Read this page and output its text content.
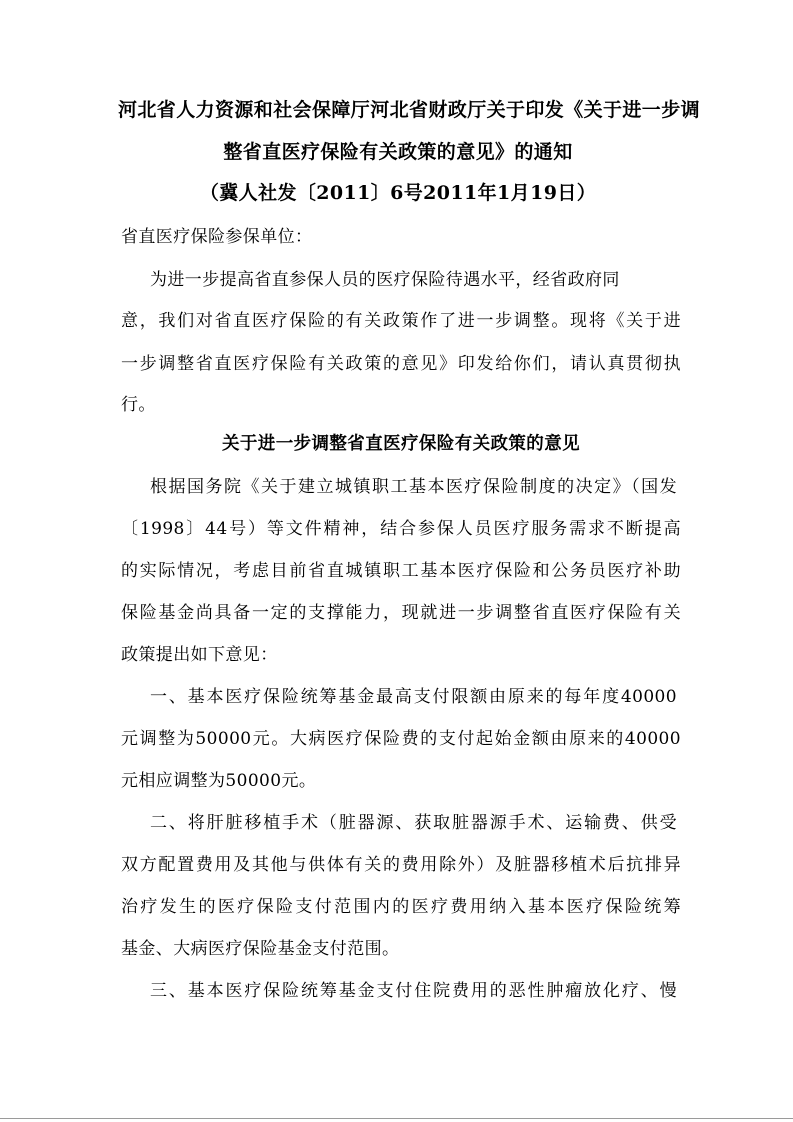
河北省人力资源和社会保障厅河北省财政厅关于印发《关于进一步调
整省直医疗保险有关政策的意见》的通知
（冀人社发〔2011〕6号2011年1月19日）
省直医疗保险参保单位：
为进一步提高省直参保人员的医疗保险待遇水平，经省政府同
意，我们对省直医疗保险的有关政策作了进一步调整。现将《关于进
一步调整省直医疗保险有关政策的意见》印发给你们，请认真贯彻执
行。
关于进一步调整省直医疗保险有关政策的意见
根据国务院《关于建立城镇职工基本医疗保险制度的决定》（国发
〔1998〕44号）等文件精神，结合参保人员医疗服务需求不断提高
的实际情况，考虑目前省直城镇职工基本医疗保险和公务员医疗补助
保险基金尚具备一定的支撑能力，现就进一步调整省直医疗保险有关
政策提出如下意见：
一、基本医疗保险统筹基金最高支付限额由原来的每年度40000
元调整为50000元。大病医疗保险费的支付起始金额由原来的40000
元相应调整为50000元。
二、将肝脏移植手术（脏器源、获取脏器源手术、运输费、供受
双方配置费用及其他与供体有关的费用除外）及脏器移植术后抗排异
治疗发生的医疗保险支付范围内的医疗费用纳入基本医疗保险统筹
基金、大病医疗保险基金支付范围。
三、基本医疗保险统筹基金支付住院费用的恶性肿瘤放化疗、慢
